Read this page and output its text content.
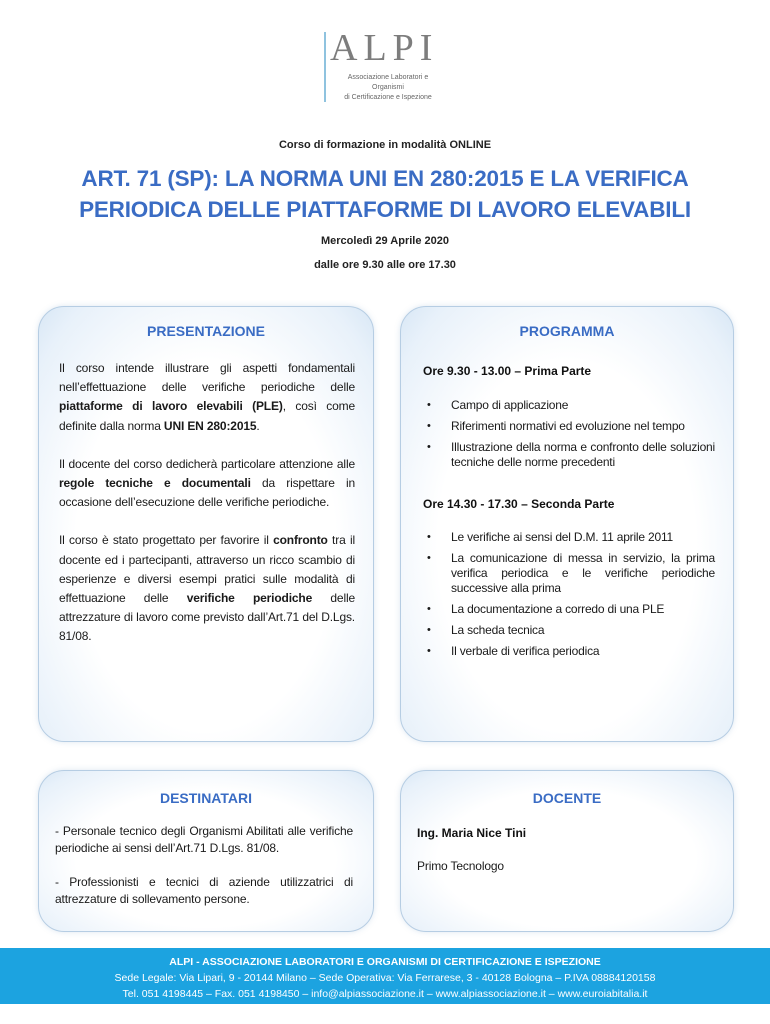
ALPI
Associazione Laboratori e Organismi
di Certificazione e Ispezione
Corso di formazione in modalità ONLINE
ART. 71 (SP): LA NORMA UNI EN 280:2015 E LA VERIFICA
PERIODICA DELLE PIATTAFORME DI LAVORO ELEVABILI
Mercoledì 29 Aprile 2020
dalle ore 9.30 alle ore 17.30
PRESENTAZIONE

Il corso intende illustrare gli aspetti fondamentali nell’effettuazione delle verifiche periodiche delle piattaforme di lavoro elevabili (PLE), così come definite dalla norma UNI EN 280:2015.

Il docente del corso dedicherà particolare attenzione alle regole tecniche e documentali da rispettare in occasione dell’esecuzione delle verifiche periodiche.

Il corso è stato progettato per favorire il confronto tra il docente ed i partecipanti, attraverso un ricco scambio di esperienze e diversi esempi pratici sulle modalità di effettuazione delle verifiche periodiche delle attrezzature di lavoro come previsto dall’Art.71 del D.Lgs. 81/08.

PROGRAMMA
Ore 9.30 - 13.00 – Prima Parte
• Campo di applicazione
• Riferimenti normativi ed evoluzione nel tempo
• Illustrazione della norma e confronto delle soluzioni tecniche delle norme precedenti
Ore 14.30 - 17.30 – Seconda Parte
• Le verifiche ai sensi del D.M. 11 aprile 2011
• La comunicazione di messa in servizio, la prima verifica periodica e le verifiche periodiche successive alla prima
• La documentazione a corredo di una PLE
• La scheda tecnica
• Il verbale di verifica periodica
DESTINATARI

- Personale tecnico degli Organismi Abilitati alle verifiche periodiche ai sensi dell’Art.71 D.Lgs. 81/08.

- Professionisti e tecnici di aziende utilizzatrici di attrezzature di sollevamento persone.

DOCENTE
Ing. Maria Nice Tini
Primo Tecnologo
ALPI - ASSOCIAZIONE LABORATORI E ORGANISMI DI CERTIFICAZIONE E ISPEZIONE
Sede Legale: Via Lipari, 9 - 20144 Milano – Sede Operativa: Via Ferrarese, 3 - 40128 Bologna – P.IVA 08884120158
Tel. 051 4198445 – Fax. 051 4198450 – info@alpiassociazione.it – www.alpiassociazione.it – www.euroiabitalia.it
